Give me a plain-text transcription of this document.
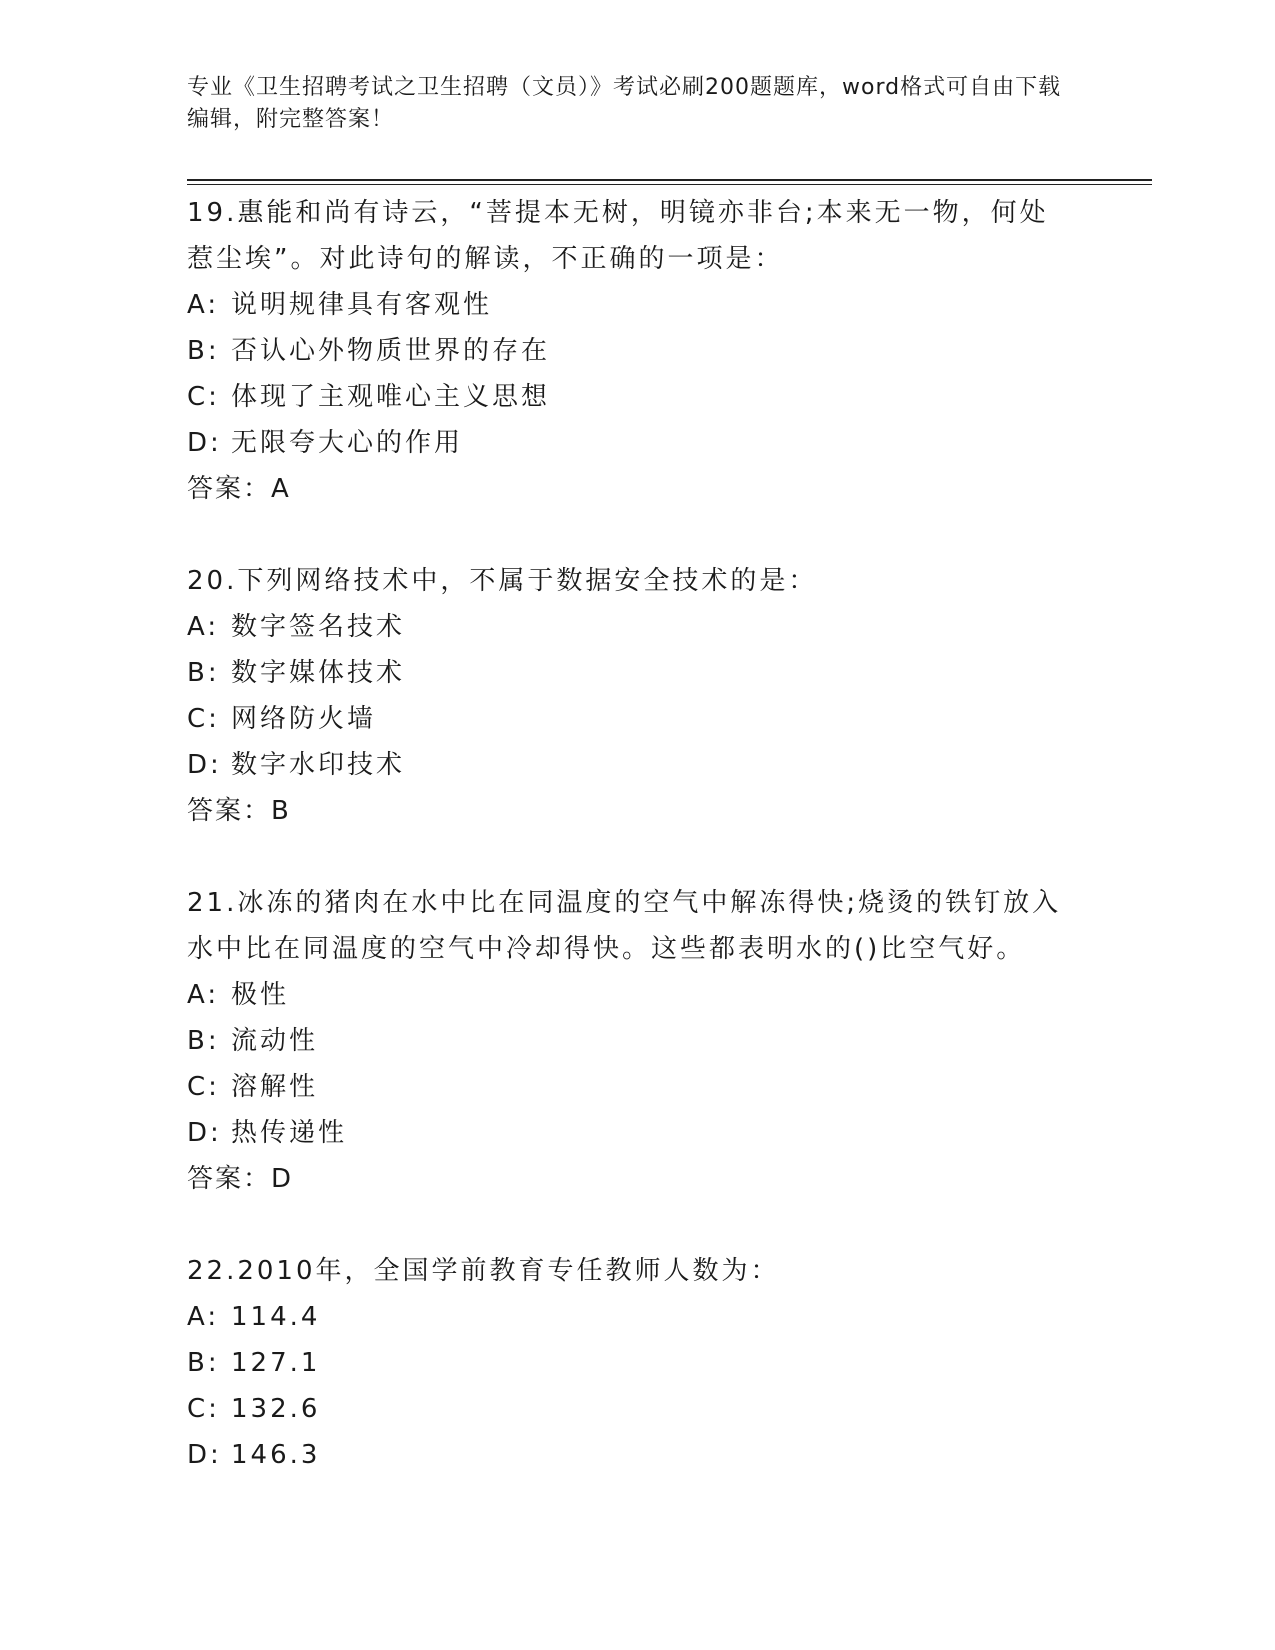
专业《卫生招聘考试之卫生招聘（文员）》考试必刷200题题库，word格式可自由下载编辑，附完整答案！

19.惠能和尚有诗云，“菩提本无树，明镜亦非台;本来无一物，何处惹尘埃”。对此诗句的解读，不正确的一项是：

A: 说明规律具有客观性

B: 否认心外物质世界的存在

C: 体现了主观唯心主义思想

D: 无限夸大心的作用

答案：A

20.下列网络技术中，不属于数据安全技术的是：

A: 数字签名技术

B: 数字媒体技术

C: 网络防火墙

D: 数字水印技术

答案：B

21.冰冻的猪肉在水中比在同温度的空气中解冻得快;烧烫的铁钉放入水中比在同温度的空气中冷却得快。这些都表明水的()比空气好。

A: 极性

B: 流动性

C: 溶解性

D: 热传递性

答案：D

22.2010年，全国学前教育专任教师人数为：

A: 114.4

B: 127.1

C: 132.6

D: 146.3
